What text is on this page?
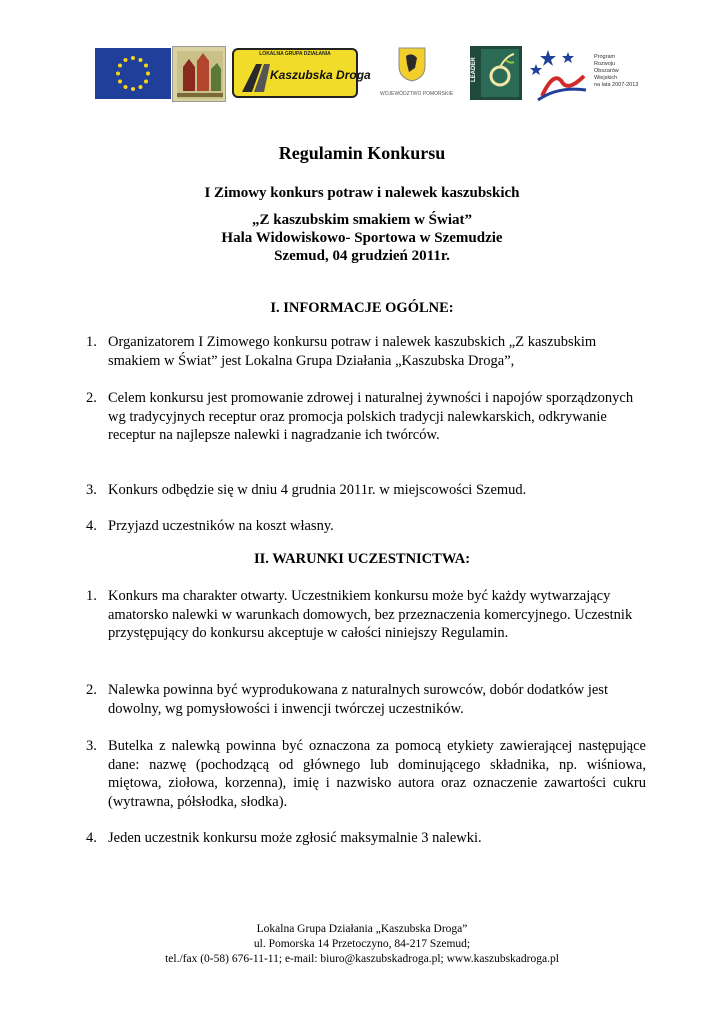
LOKALNA GRUPA DZIAŁANIA
Kaszubska Droga
WOJEWÓDZTWO POMORSKIE
LEADER
Program
Rozwoju
Obszarów
Wiejskich
na lata 2007-2013
Regulamin Konkursu
I Zimowy konkurs potraw i nalewek kaszubskich
„Z kaszubskim smakiem w Świat”
Hala Widowiskowo- Sportowa w Szemudzie
Szemud, 04 grudzień 2011r.
I. INFORMACJE OGÓLNE:
1. Organizatorem I Zimowego konkursu potraw i nalewek kaszubskich „Z kaszubskim smakiem w Świat” jest Lokalna Grupa Działania „Kaszubska Droga”,
2. Celem konkursu jest promowanie zdrowej i naturalnej żywności i napojów sporządzonych wg tradycyjnych receptur oraz promocja polskich tradycji nalewkarskich, odkrywanie receptur na najlepsze nalewki i nagradzanie ich twórców.
3. Konkurs odbędzie się w dniu 4 grudnia 2011r. w miejscowości Szemud.
4. Przyjazd uczestników na koszt własny.
II. WARUNKI UCZESTNICTWA:
1. Konkurs ma charakter otwarty. Uczestnikiem konkursu może być każdy wytwarzający amatorsko nalewki w warunkach domowych, bez przeznaczenia komercyjnego. Uczestnik przystępujący do konkursu akceptuje w całości niniejszy Regulamin.
2. Nalewka powinna być wyprodukowana z naturalnych surowców, dobór dodatków jest dowolny, wg pomysłowości i inwencji twórczej uczestników.
3. Butelka z nalewką powinna być oznaczona za pomocą etykiety zawierającej następujące dane: nazwę (pochodzącą od głównego lub dominującego składnika, np. wiśniowa, miętowa, ziołowa, korzenna), imię i nazwisko autora oraz oznaczenie zawartości cukru (wytrawna, półsłodka, słodka).
4. Jeden uczestnik konkursu może zgłosić maksymalnie 3 nalewki.
Lokalna Grupa Działania „Kaszubska Droga”
ul. Pomorska 14 Przetoczyno, 84-217 Szemud;
tel./fax (0-58) 676-11-11; e-mail: biuro@kaszubskadroga.pl; www.kaszubskadroga.pl
